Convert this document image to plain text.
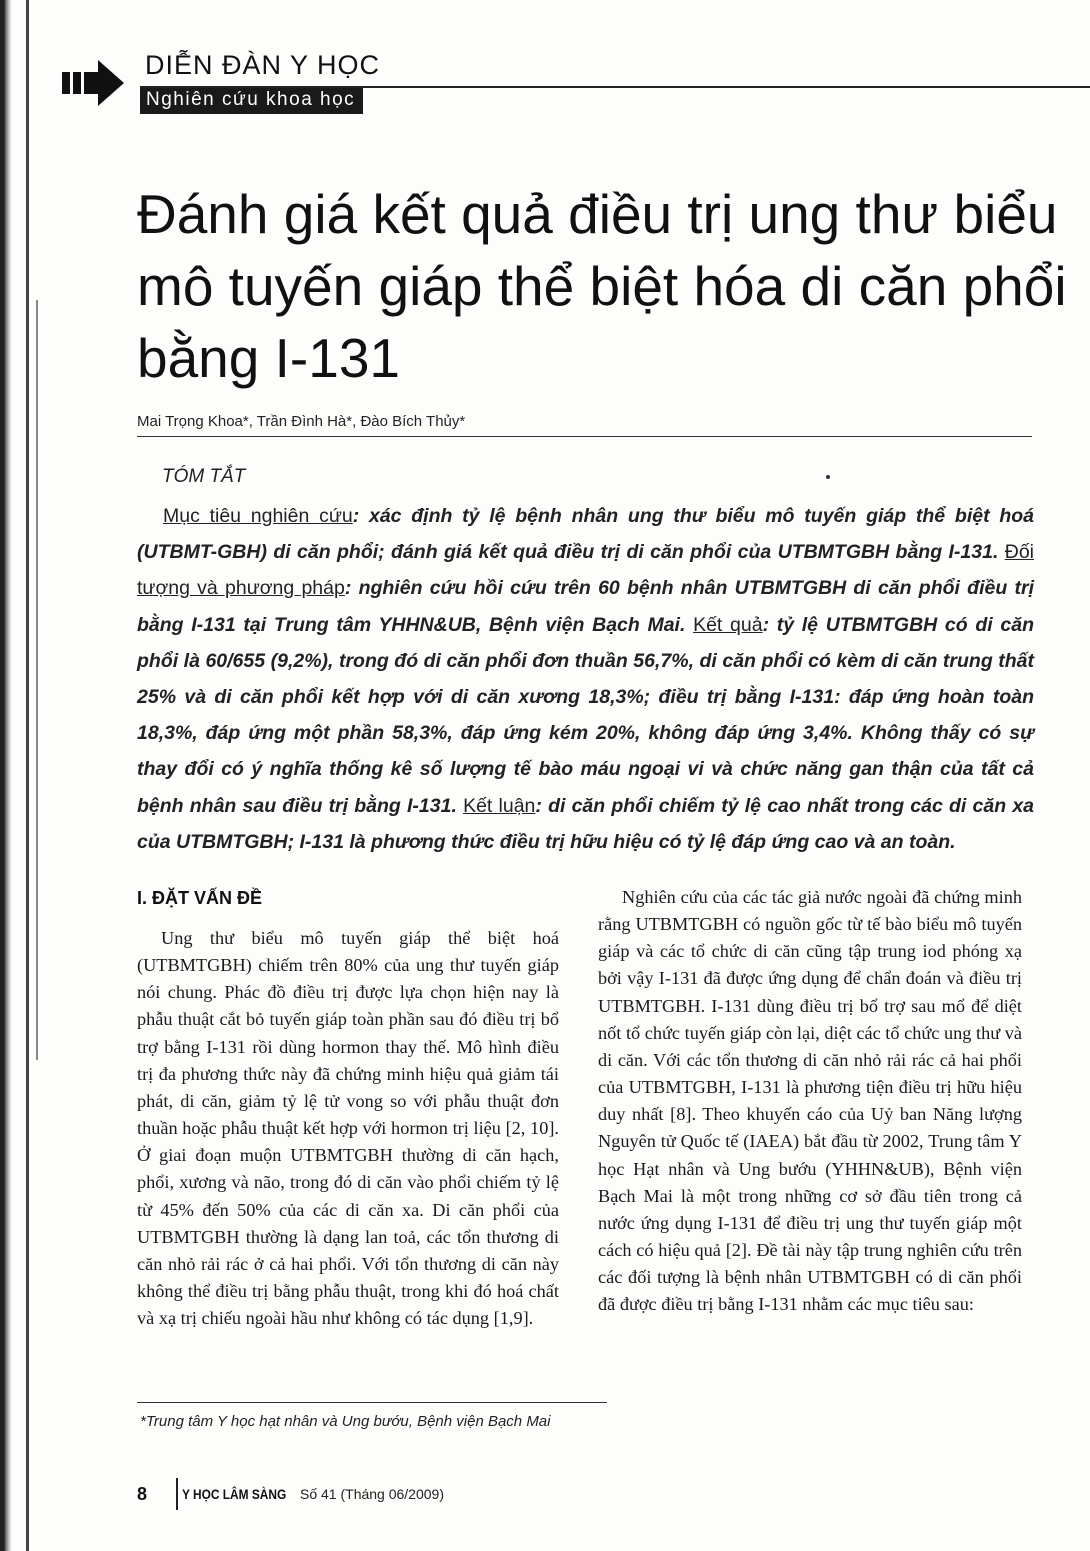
DIỄN ĐÀN Y HỌC
Nghiên cứu khoa học
Đánh giá kết quả điều trị ung thư biểu mô tuyến giáp thể biệt hóa di căn phổi bằng I-131
Mai Trọng Khoa*, Trần Đình Hà*, Đào Bích Thủy*
TÓM TẮT

Mục tiêu nghiên cứu: xác định tỷ lệ bệnh nhân ung thư biểu mô tuyến giáp thể biệt hoá (UTBMT-GBH) di căn phổi; đánh giá kết quả điều trị di căn phổi của UTBMTGBH bằng I-131. Đối tượng và phương pháp: nghiên cứu hồi cứu trên 60 bệnh nhân UTBMTGBH di căn phổi điều trị bằng I-131 tại Trung tâm YHHN&UB, Bệnh viện Bạch Mai. Kết quả: tỷ lệ UTBMTGBH có di căn phổi là 60/655 (9,2%), trong đó di căn phổi đơn thuần 56,7%, di căn phổi có kèm di căn trung thất 25% và di căn phổi kết hợp với di căn xương 18,3%; điều trị bằng I-131: đáp ứng hoàn toàn 18,3%, đáp ứng một phần 58,3%, đáp ứng kém 20%, không đáp ứng 3,4%. Không thấy có sự thay đổi có ý nghĩa thống kê số lượng tế bào máu ngoại vi và chức năng gan thận của tất cả bệnh nhân sau điều trị bằng I-131. Kết luận: di căn phổi chiếm tỷ lệ cao nhất trong các di căn xa của UTBMTGBH; I-131 là phương thức điều trị hữu hiệu có tỷ lệ đáp ứng cao và an toàn.

I. ĐẶT VẤN ĐỀ

Ung thư biểu mô tuyến giáp thể biệt hoá (UTBMTGBH) chiếm trên 80% của ung thư tuyến giáp nói chung. Phác đồ điều trị được lựa chọn hiện nay là phẫu thuật cắt bỏ tuyến giáp toàn phần sau đó điều trị bổ trợ bằng I-131 rồi dùng hormon thay thế. Mô hình điều trị đa phương thức này đã chứng minh hiệu quả giảm tái phát, di căn, giảm tỷ lệ tử vong so với phẫu thuật đơn thuần hoặc phẫu thuật kết hợp với hormon trị liệu [2, 10]. Ở giai đoạn muộn UTBMTGBH thường di căn hạch, phổi, xương và não, trong đó di căn vào phổi chiếm tỷ lệ từ 45% đến 50% của các di căn xa. Di căn phổi của UTBMTGBH thường là dạng lan toả, các tổn thương di căn nhỏ rải rác ở cả hai phổi. Với tổn thương di căn này không thể điều trị bằng phẫu thuật, trong khi đó hoá chất và xạ trị chiếu ngoài hầu như không có tác dụng [1,9].

Nghiên cứu của các tác giả nước ngoài đã chứng minh rằng UTBMTGBH có nguồn gốc từ tế bào biểu mô tuyến giáp và các tổ chức di căn cũng tập trung iod phóng xạ bởi vậy I-131 đã được ứng dụng để chẩn đoán và điều trị UTBMTGBH. I-131 dùng điều trị bổ trợ sau mổ để diệt nốt tổ chức tuyến giáp còn lại, diệt các tổ chức ung thư và di căn. Với các tổn thương di căn nhỏ rải rác cả hai phổi của UTBMTGBH, I-131 là phương tiện điều trị hữu hiệu duy nhất [8]. Theo khuyến cáo của Uỷ ban Năng lượng Nguyên tử Quốc tế (IAEA) bắt đầu từ 2002, Trung tâm Y học Hạt nhân và Ung bướu (YHHN&UB), Bệnh viện Bạch Mai là một trong những cơ sở đầu tiên trong cả nước ứng dụng I-131 để điều trị ung thư tuyến giáp một cách có hiệu quả [2]. Đề tài này tập trung nghiên cứu trên các đối tượng là bệnh nhân UTBMTGBH có di căn phổi đã được điều trị bằng I-131 nhằm các mục tiêu sau:

*Trung tâm Y học hạt nhân và Ung bướu, Bệnh viện Bạch Mai
8 Y HỌC LÂM SÀNG Số 41 (Tháng 06/2009)
